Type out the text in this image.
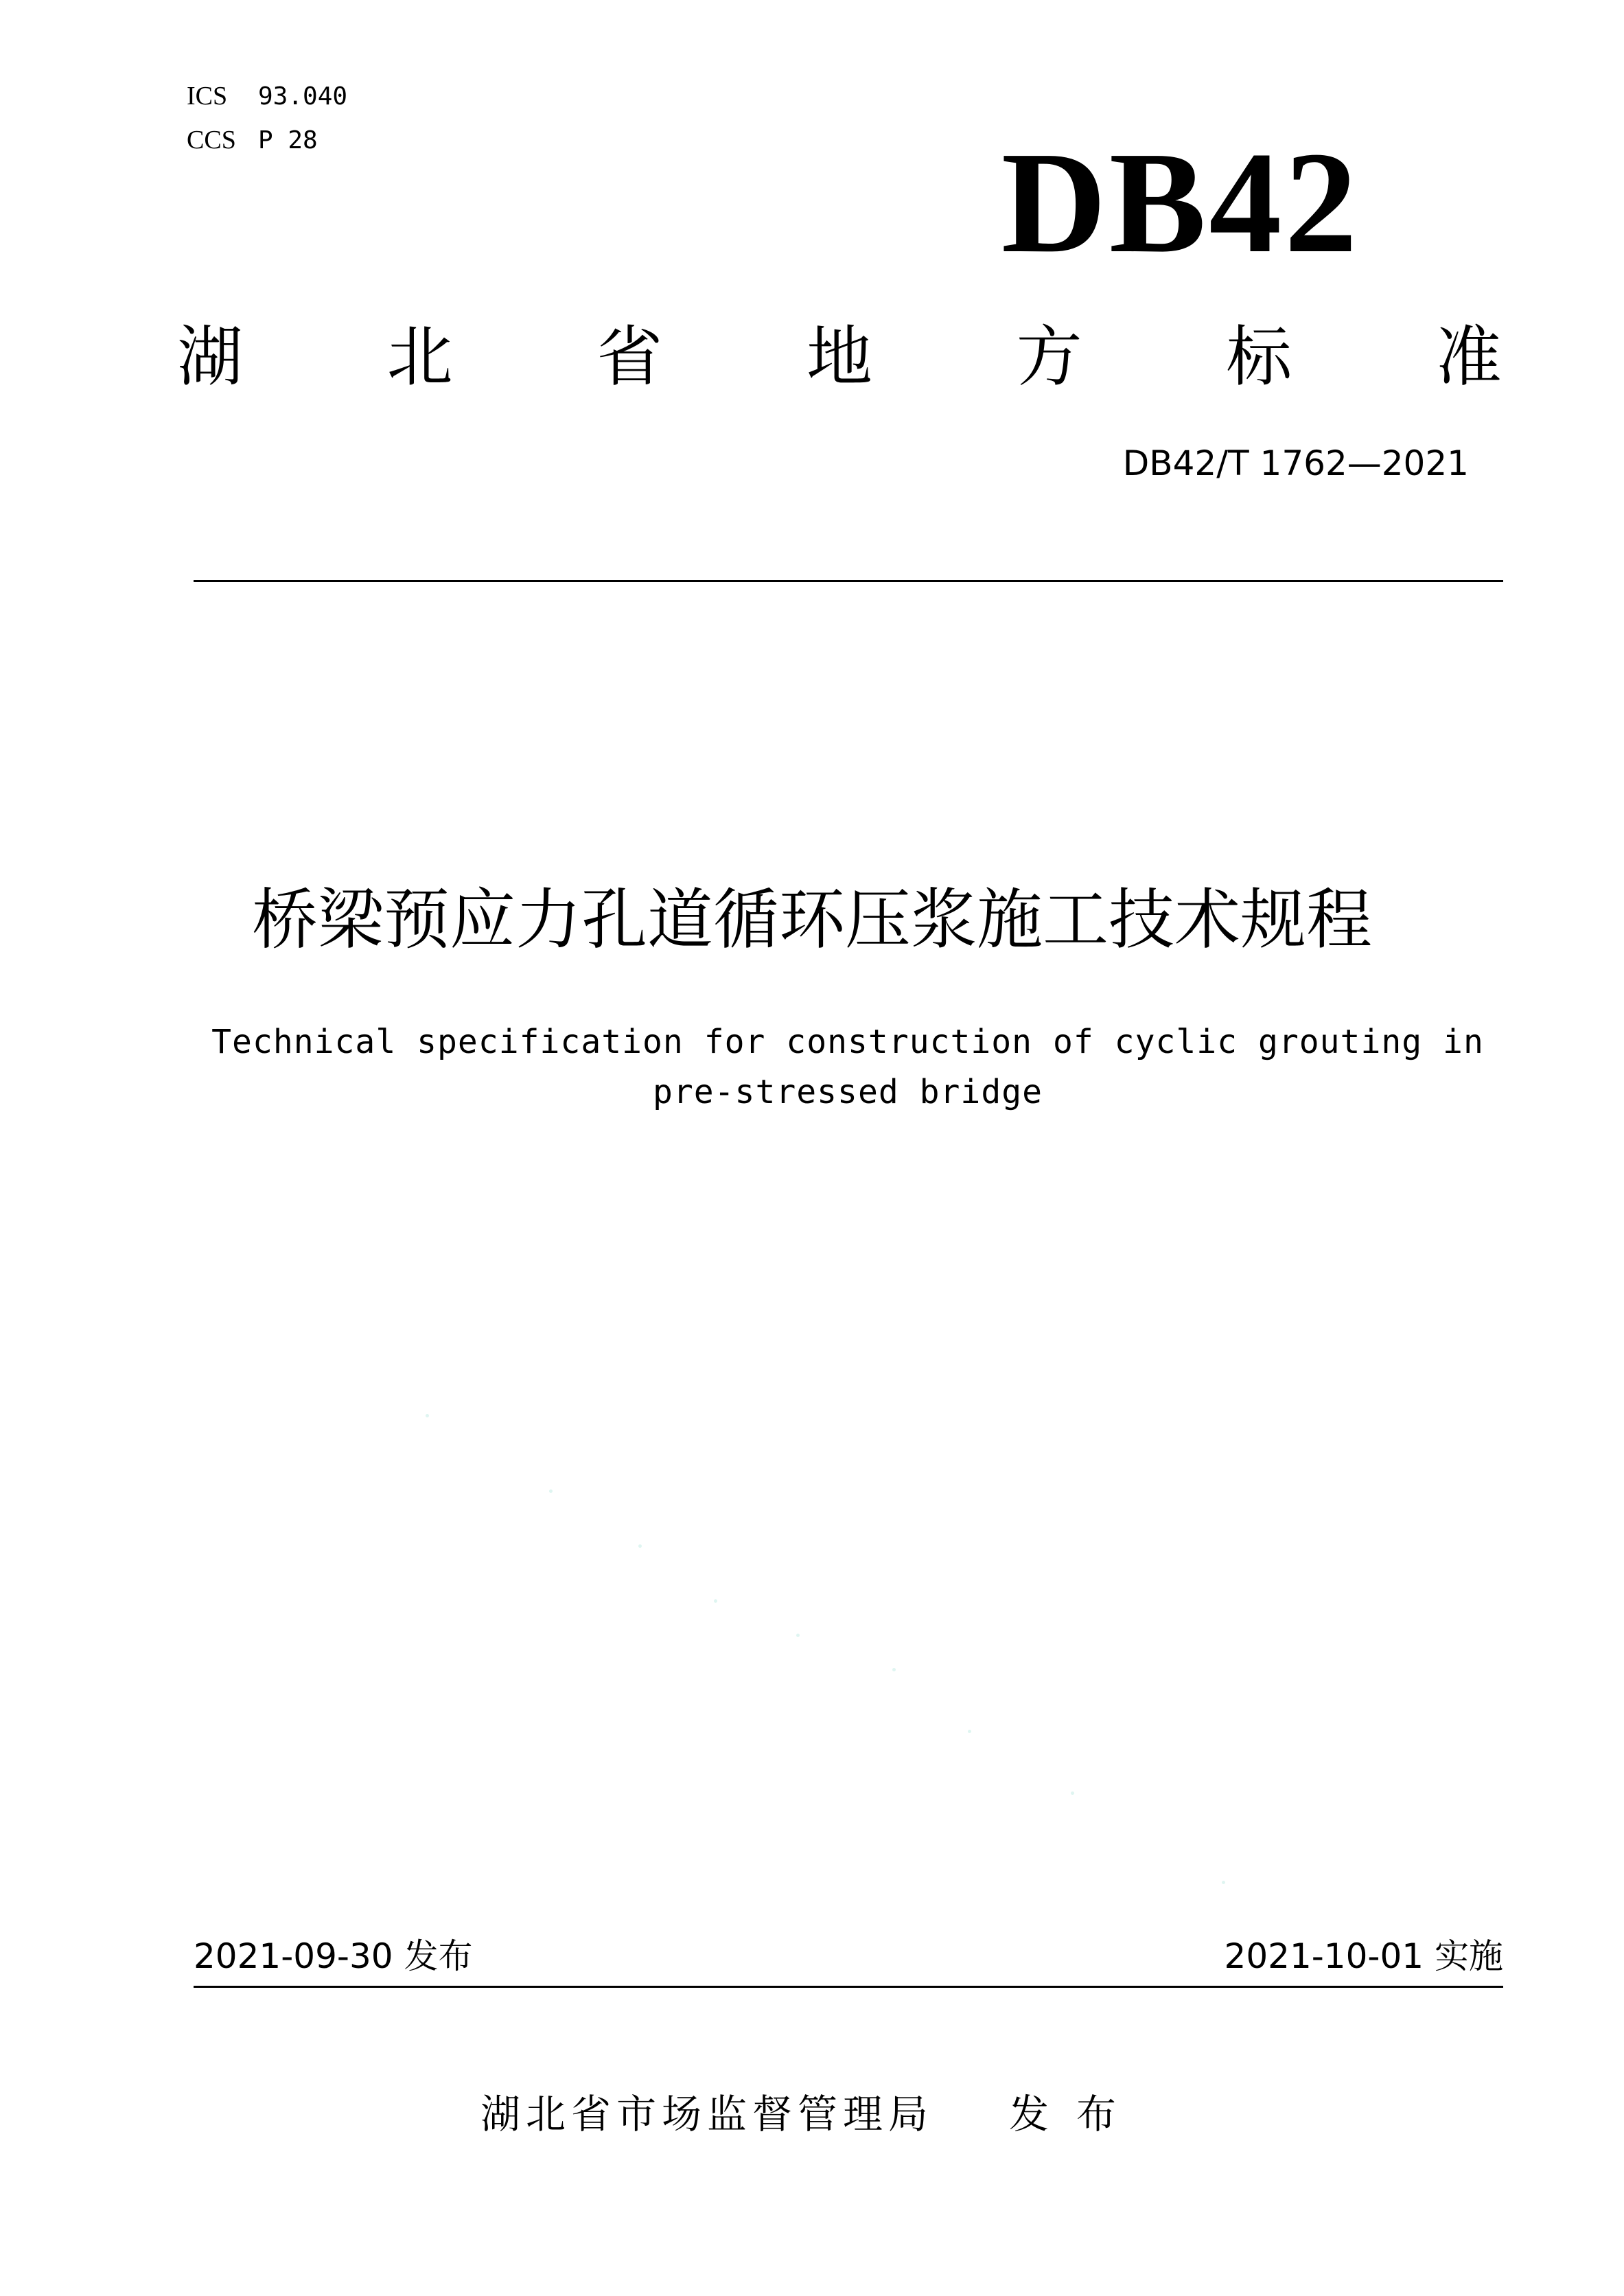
ICS 93.040
CCS P 28	DB42
湖 北 省 地 方 标 准
DB42/T 1762—2021
桥梁预应力孔道循环压浆施工技术规程
Technical specification for construction of cyclic grouting in
pre-stressed bridge
2021-09-30 发布	2021-10-01 实施
湖北省市场监督管理局 发布
